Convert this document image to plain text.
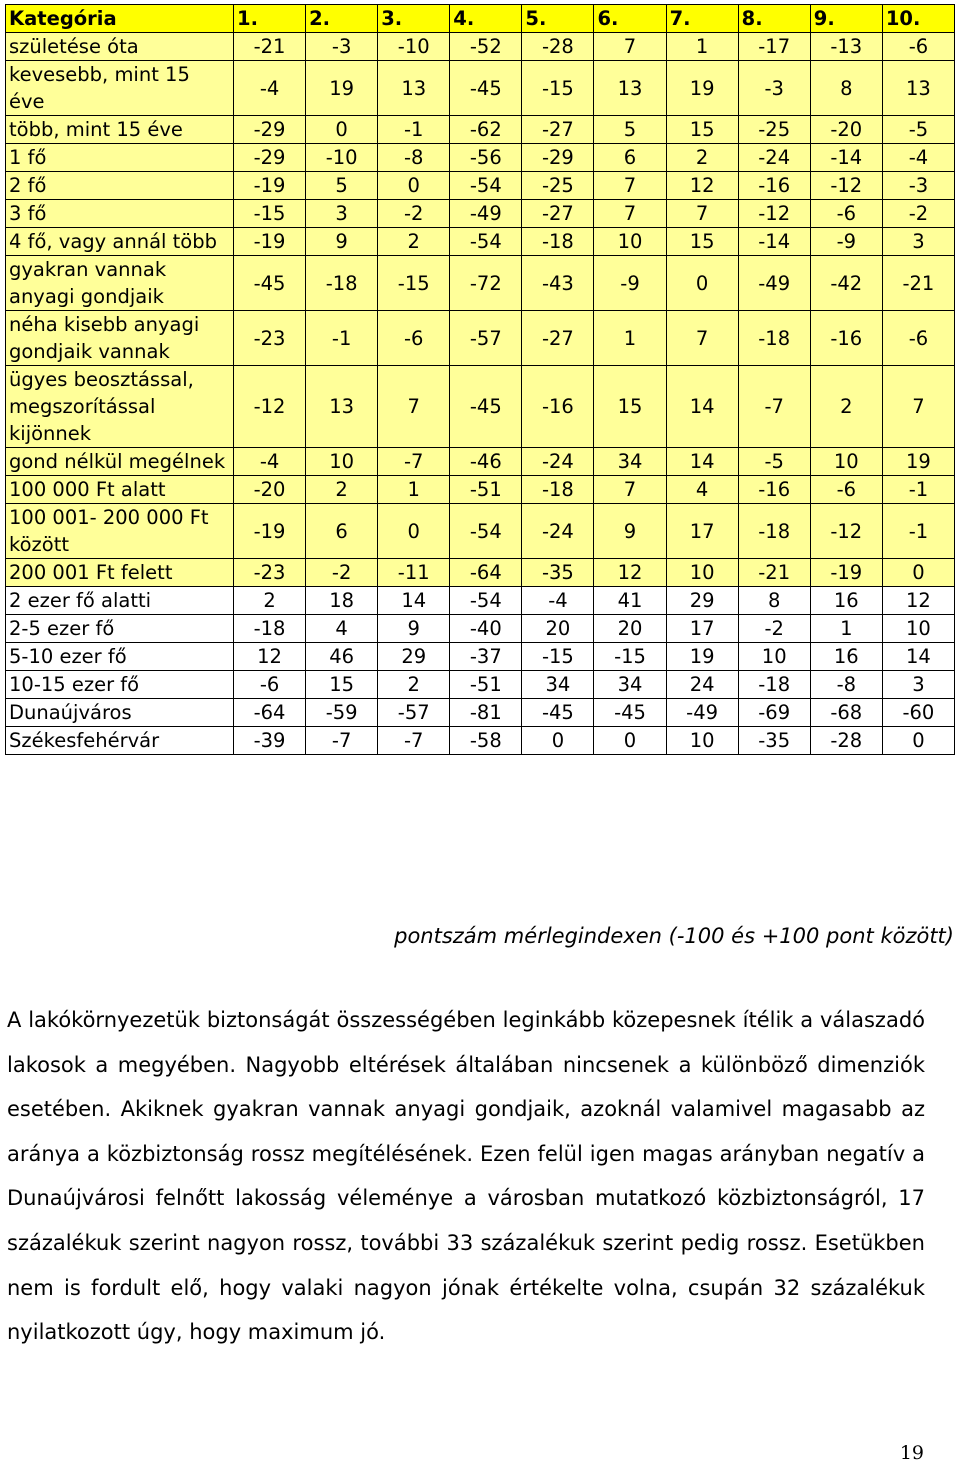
Kategória	1.	2.	3.	4.	5.	6.	7.	8.	9.	10.
születése óta	-21	-3	-10	-52	-28	7	1	-17	-13	-6
kevesebb, mint 15 éve	-4	19	13	-45	-15	13	19	-3	8	13
több, mint 15 éve	-29	0	-1	-62	-27	5	15	-25	-20	-5
1 fő	-29	-10	-8	-56	-29	6	2	-24	-14	-4
2 fő	-19	5	0	-54	-25	7	12	-16	-12	-3
3 fő	-15	3	-2	-49	-27	7	7	-12	-6	-2
4 fő, vagy annál több	-19	9	2	-54	-18	10	15	-14	-9	3
gyakran vannak anyagi gondjaik	-45	-18	-15	-72	-43	-9	0	-49	-42	-21
néha kisebb anyagi gondjaik vannak	-23	-1	-6	-57	-27	1	7	-18	-16	-6
ügyes beosztással, megszorítással kijönnek	-12	13	7	-45	-16	15	14	-7	2	7
gond nélkül megélnek	-4	10	-7	-46	-24	34	14	-5	10	19
100 000 Ft alatt	-20	2	1	-51	-18	7	4	-16	-6	-1
100 001- 200 000 Ft között	-19	6	0	-54	-24	9	17	-18	-12	-1
200 001 Ft felett	-23	-2	-11	-64	-35	12	10	-21	-19	0
2 ezer fő alatti	2	18	14	-54	-4	41	29	8	16	12
2-5 ezer fő	-18	4	9	-40	20	20	17	-2	1	10
5-10 ezer fő	12	46	29	-37	-15	-15	19	10	16	14
10-15 ezer fő	-6	15	2	-51	34	34	24	-18	-8	3
Dunaújváros	-64	-59	-57	-81	-45	-45	-49	-69	-68	-60
Székesfehérvár	-39	-7	-7	-58	0	0	10	-35	-28	0
pontszám mérlegindexen (-100 és +100 pont között)

A lakókörnyezetük biztonságát összességében leginkább közepesnek ítélik a válaszadó lakosok a megyében. Nagyobb eltérések általában nincsenek a különböző dimenziók esetében. Akiknek gyakran vannak anyagi gondjaik, azoknál valamivel magasabb az aránya a közbiztonság rossz megítélésének. Ezen felül igen magas arányban negatív a Dunaújvárosi felnőtt lakosság véleménye a városban mutatkozó közbiztonságról, 17 százalékuk szerint nagyon rossz, további 33 százalékuk szerint pedig rossz. Esetükben nem is fordult elő, hogy valaki nagyon jónak értékelte volna, csupán 32 százalékuk nyilatkozott úgy, hogy maximum jó.

19
